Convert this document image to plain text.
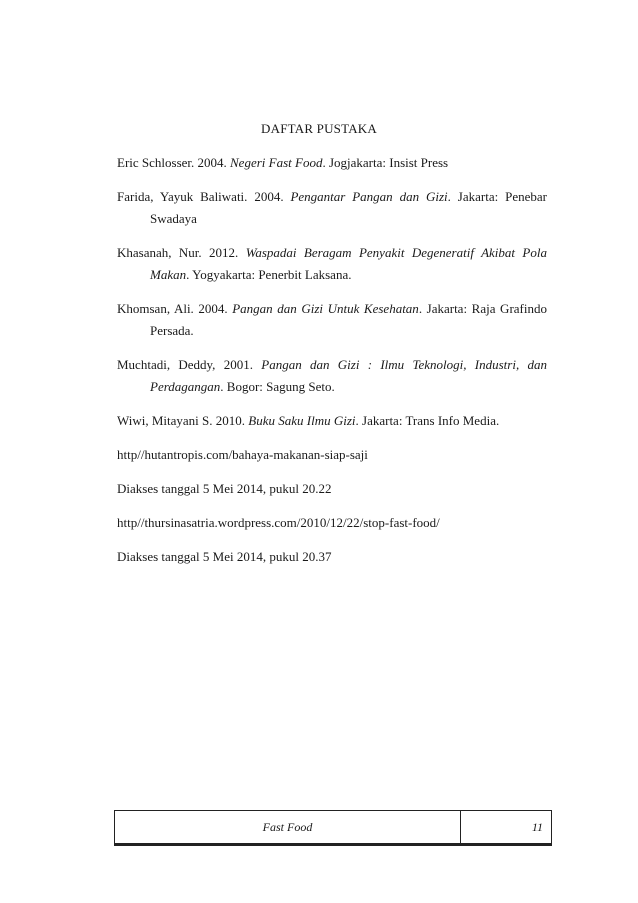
DAFTAR PUSTAKA

Eric Schlosser. 2004. Negeri Fast Food. Jogjakarta: Insist Press

Farida, Yayuk Baliwati. 2004. Pengantar Pangan dan Gizi. Jakarta: Penebar Swadaya

Khasanah, Nur. 2012. Waspadai Beragam Penyakit Degeneratif Akibat Pola Makan. Yogyakarta: Penerbit Laksana.

Khomsan, Ali. 2004. Pangan dan Gizi Untuk Kesehatan. Jakarta: Raja Grafindo Persada.

Muchtadi, Deddy, 2001. Pangan dan Gizi : Ilmu Teknologi, Industri, dan Perdagangan. Bogor: Sagung Seto.

Wiwi, Mitayani S. 2010. Buku Saku Ilmu Gizi. Jakarta: Trans Info Media.

http//hutantropis.com/bahaya-makanan-siap-saji

Diakses tanggal 5 Mei 2014, pukul 20.22

http//thursinasatria.wordpress.com/2010/12/22/stop-fast-food/

Diakses tanggal 5 Mei 2014, pukul 20.37

Fast Food	11
